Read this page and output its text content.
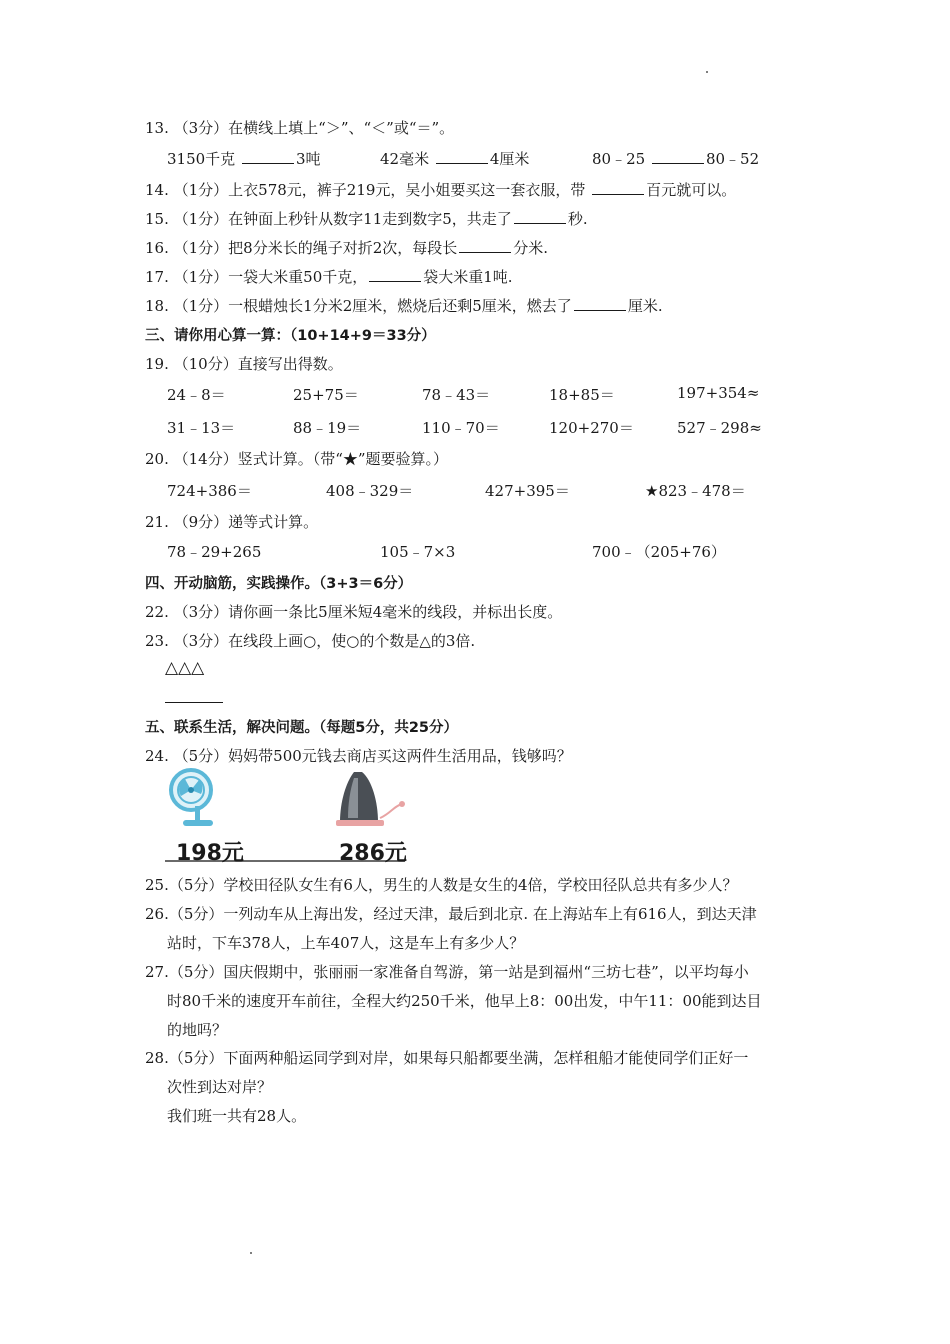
13. （3分）在横线上填上“＞”、“＜”或“＝”。
3150千克	3吨	42毫米	4厘米	80﹣25	80﹣52
14. （1分）上衣578元，裤子219元，吴小姐要买这一套衣服，带	百元就可以。
15. （1分）在钟面上秒针从数字11走到数字5，共走了	秒.
16. （1分）把8分米长的绳子对折2次，每段长	分米.
17. （1分）一袋大米重50千克，	袋大米重1吨.
18. （1分）一根蜡烛长1分米2厘米，燃烧后还剩5厘米，燃去了	厘米.
三、请你用心算一算：（10+14+9＝33分）
19. （10分）直接写出得数。
24﹣8＝	25+75＝	78﹣43＝	18+85＝	197+354≈
31﹣13＝	88﹣19＝	110﹣70＝	120+270＝	527﹣298≈
20. （14分）竖式计算。（带“★”题要验算。）
724+386＝	408﹣329＝	427+395＝	★823﹣478＝
21. （9分）递等式计算。
78﹣29+265	105﹣7×3	700﹣（205+76）
四、开动脑筋，实践操作。（3+3＝6分）
22. （3分）请你画一条比5厘米短4毫米的线段，并标出长度。
23. （3分）在线段上画○，使○的个数是△的3倍.
△△△
五、联系生活，解决问题。（每题5分，共25分）
24. （5分）妈妈带500元钱去商店买这两件生活用品，钱够吗？
198元	286元
25.（5分）学校田径队女生有6人，男生的人数是女生的4倍，学校田径队总共有多少人？
26.（5分）一列动车从上海出发，经过天津，最后到北京. 在上海站车上有616人，到达天津
站时，下车378人，上车407人，这是车上有多少人？
27.（5分）国庆假期中，张丽丽一家准备自驾游，第一站是到福州“三坊七巷”，以平均每小
时80千米的速度开车前往，全程大约250千米，他早上8：00出发，中午11：00能到达目
的地吗？
28.（5分）下面两种船运同学到对岸，如果每只船都要坐满，怎样租船才能使同学们正好一
次性到达对岸？
我们班一共有28人。
